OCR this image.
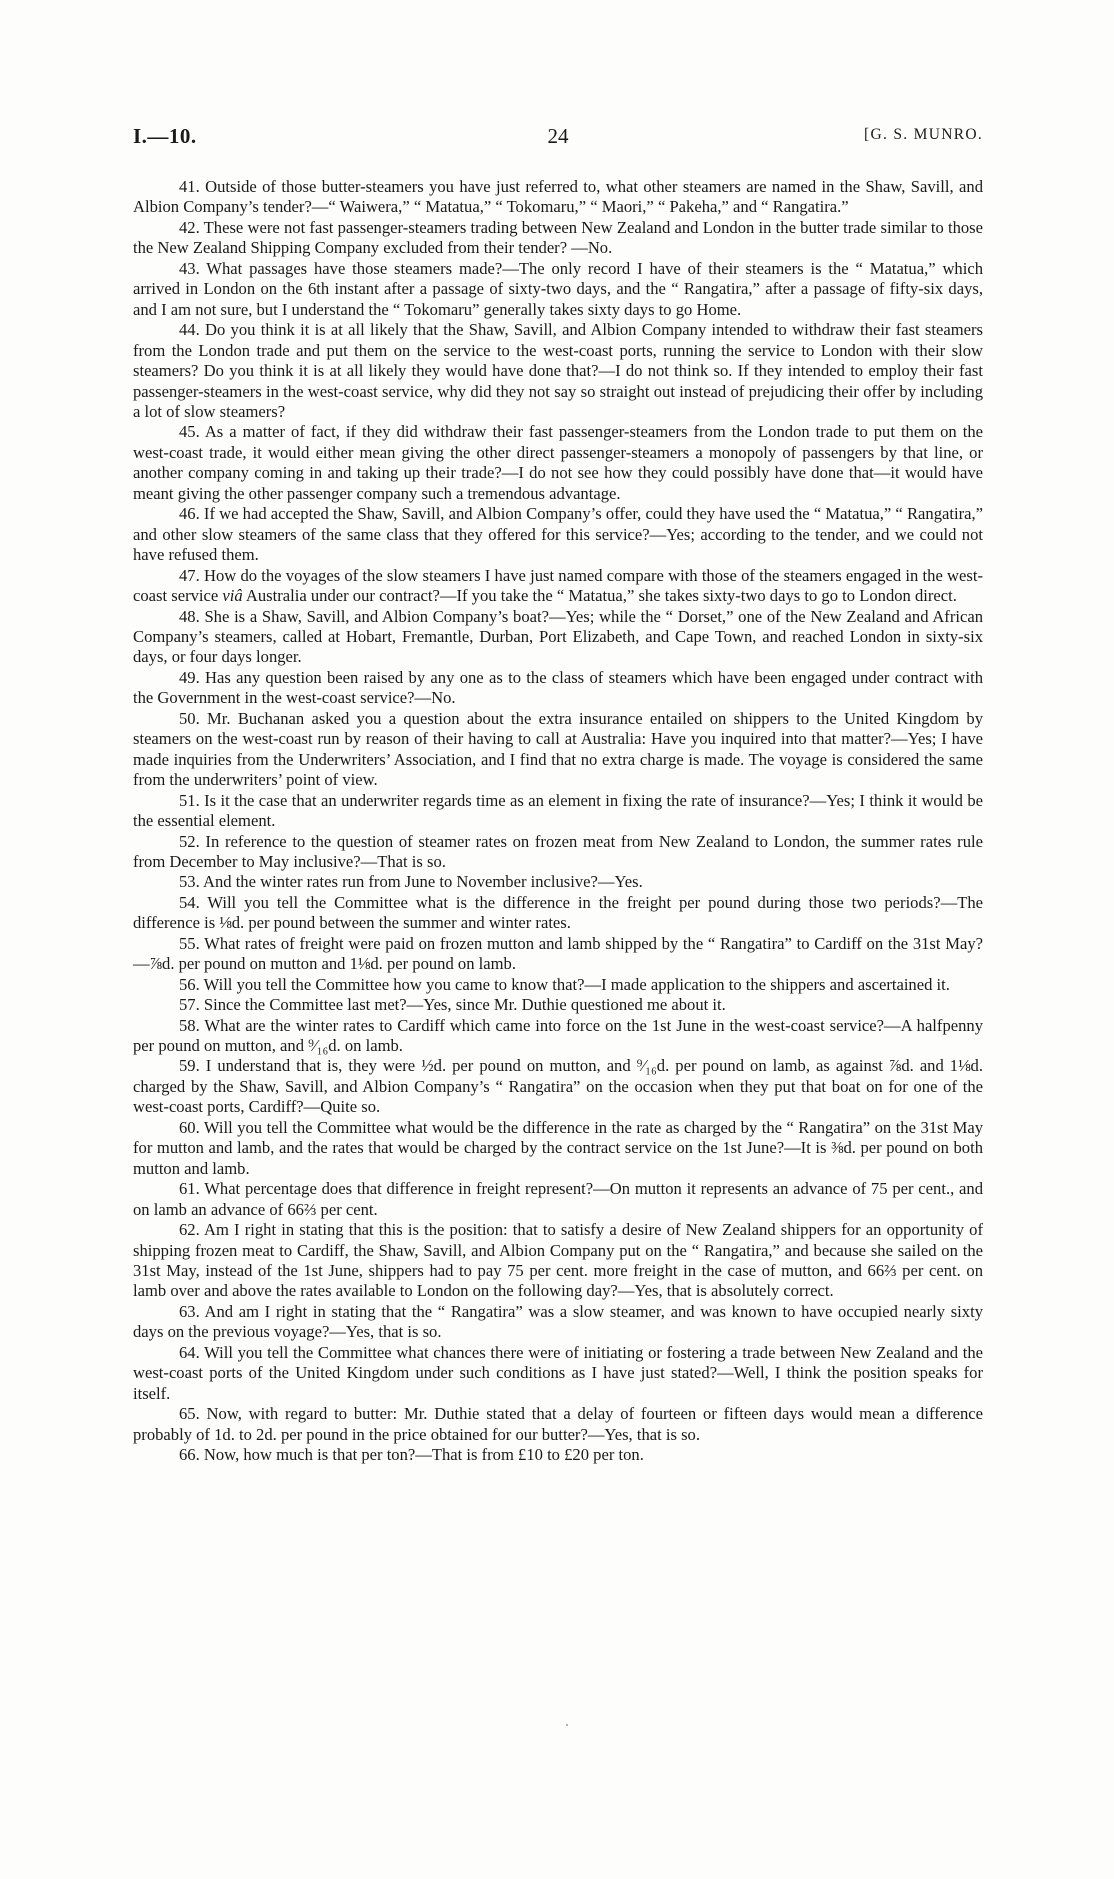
I.—10.	24	[G. S. MUNRO.

41. Outside of those butter-steamers you have just referred to, what other steamers are named in the Shaw, Savill, and Albion Company’s tender?—“ Waiwera,” “ Matatua,” “ Tokomaru,” “ Maori,” “ Pakeha,” and “ Rangatira.”

42. These were not fast passenger-steamers trading between New Zealand and London in the butter trade similar to those the New Zealand Shipping Company excluded from their tender? —No.

43. What passages have those steamers made?—The only record I have of their steamers is the “ Matatua,” which arrived in London on the 6th instant after a passage of sixty-two days, and the “ Rangatira,” after a passage of fifty-six days, and I am not sure, but I understand the “ Tokomaru” generally takes sixty days to go Home.

44. Do you think it is at all likely that the Shaw, Savill, and Albion Company intended to withdraw their fast steamers from the London trade and put them on the service to the west-coast ports, running the service to London with their slow steamers? Do you think it is at all likely they would have done that?—I do not think so. If they intended to employ their fast passenger-steamers in the west-coast service, why did they not say so straight out instead of prejudicing their offer by including a lot of slow steamers?

45. As a matter of fact, if they did withdraw their fast passenger-steamers from the London trade to put them on the west-coast trade, it would either mean giving the other direct passenger-steamers a monopoly of passengers by that line, or another company coming in and taking up their trade?—I do not see how they could possibly have done that—it would have meant giving the other passenger company such a tremendous advantage.

46. If we had accepted the Shaw, Savill, and Albion Company’s offer, could they have used the “ Matatua,” “ Rangatira,” and other slow steamers of the same class that they offered for this service?—Yes; according to the tender, and we could not have refused them.

47. How do the voyages of the slow steamers I have just named compare with those of the steamers engaged in the west-coast service viâ Australia under our contract?—If you take the “ Matatua,” she takes sixty-two days to go to London direct.

48. She is a Shaw, Savill, and Albion Company’s boat?—Yes; while the “ Dorset,” one of the New Zealand and African Company’s steamers, called at Hobart, Fremantle, Durban, Port Elizabeth, and Cape Town, and reached London in sixty-six days, or four days longer.

49. Has any question been raised by any one as to the class of steamers which have been engaged under contract with the Government in the west-coast service?—No.

50. Mr. Buchanan asked you a question about the extra insurance entailed on shippers to the United Kingdom by steamers on the west-coast run by reason of their having to call at Australia: Have you inquired into that matter?—Yes; I have made inquiries from the Underwriters’ Association, and I find that no extra charge is made. The voyage is considered the same from the underwriters’ point of view.

51. Is it the case that an underwriter regards time as an element in fixing the rate of insurance?—Yes; I think it would be the essential element.

52. In reference to the question of steamer rates on frozen meat from New Zealand to London, the summer rates rule from December to May inclusive?—That is so.

53. And the winter rates run from June to November inclusive?—Yes.

54. Will you tell the Committee what is the difference in the freight per pound during those two periods?—The difference is ⅛d. per pound between the summer and winter rates.

55. What rates of freight were paid on frozen mutton and lamb shipped by the “ Rangatira” to Cardiff on the 31st May?—⅞d. per pound on mutton and 1⅛d. per pound on lamb.

56. Will you tell the Committee how you came to know that?—I made application to the shippers and ascertained it.

57. Since the Committee last met?—Yes, since Mr. Duthie questioned me about it.

58. What are the winter rates to Cardiff which came into force on the 1st June in the west-coast service?—A halfpenny per pound on mutton, and ⁹⁄₁₆d. on lamb.

59. I understand that is, they were ½d. per pound on mutton, and ⁹⁄₁₆d. per pound on lamb, as against ⅞d. and 1⅛d. charged by the Shaw, Savill, and Albion Company’s “ Rangatira” on the occasion when they put that boat on for one of the west-coast ports, Cardiff?—Quite so.

60. Will you tell the Committee what would be the difference in the rate as charged by the “ Rangatira” on the 31st May for mutton and lamb, and the rates that would be charged by the contract service on the 1st June?—It is ⅜d. per pound on both mutton and lamb.

61. What percentage does that difference in freight represent?—On mutton it represents an advance of 75 per cent., and on lamb an advance of 66⅔ per cent.

62. Am I right in stating that this is the position: that to satisfy a desire of New Zealand shippers for an opportunity of shipping frozen meat to Cardiff, the Shaw, Savill, and Albion Company put on the “ Rangatira,” and because she sailed on the 31st May, instead of the 1st June, shippers had to pay 75 per cent. more freight in the case of mutton, and 66⅔ per cent. on lamb over and above the rates available to London on the following day?—Yes, that is absolutely correct.

63. And am I right in stating that the “ Rangatira” was a slow steamer, and was known to have occupied nearly sixty days on the previous voyage?—Yes, that is so.

64. Will you tell the Committee what chances there were of initiating or fostering a trade between New Zealand and the west-coast ports of the United Kingdom under such conditions as I have just stated?—Well, I think the position speaks for itself.

65. Now, with regard to butter: Mr. Duthie stated that a delay of fourteen or fifteen days would mean a difference probably of 1d. to 2d. per pound in the price obtained for our butter?—Yes, that is so.

66. Now, how much is that per ton?—That is from £10 to £20 per ton.
